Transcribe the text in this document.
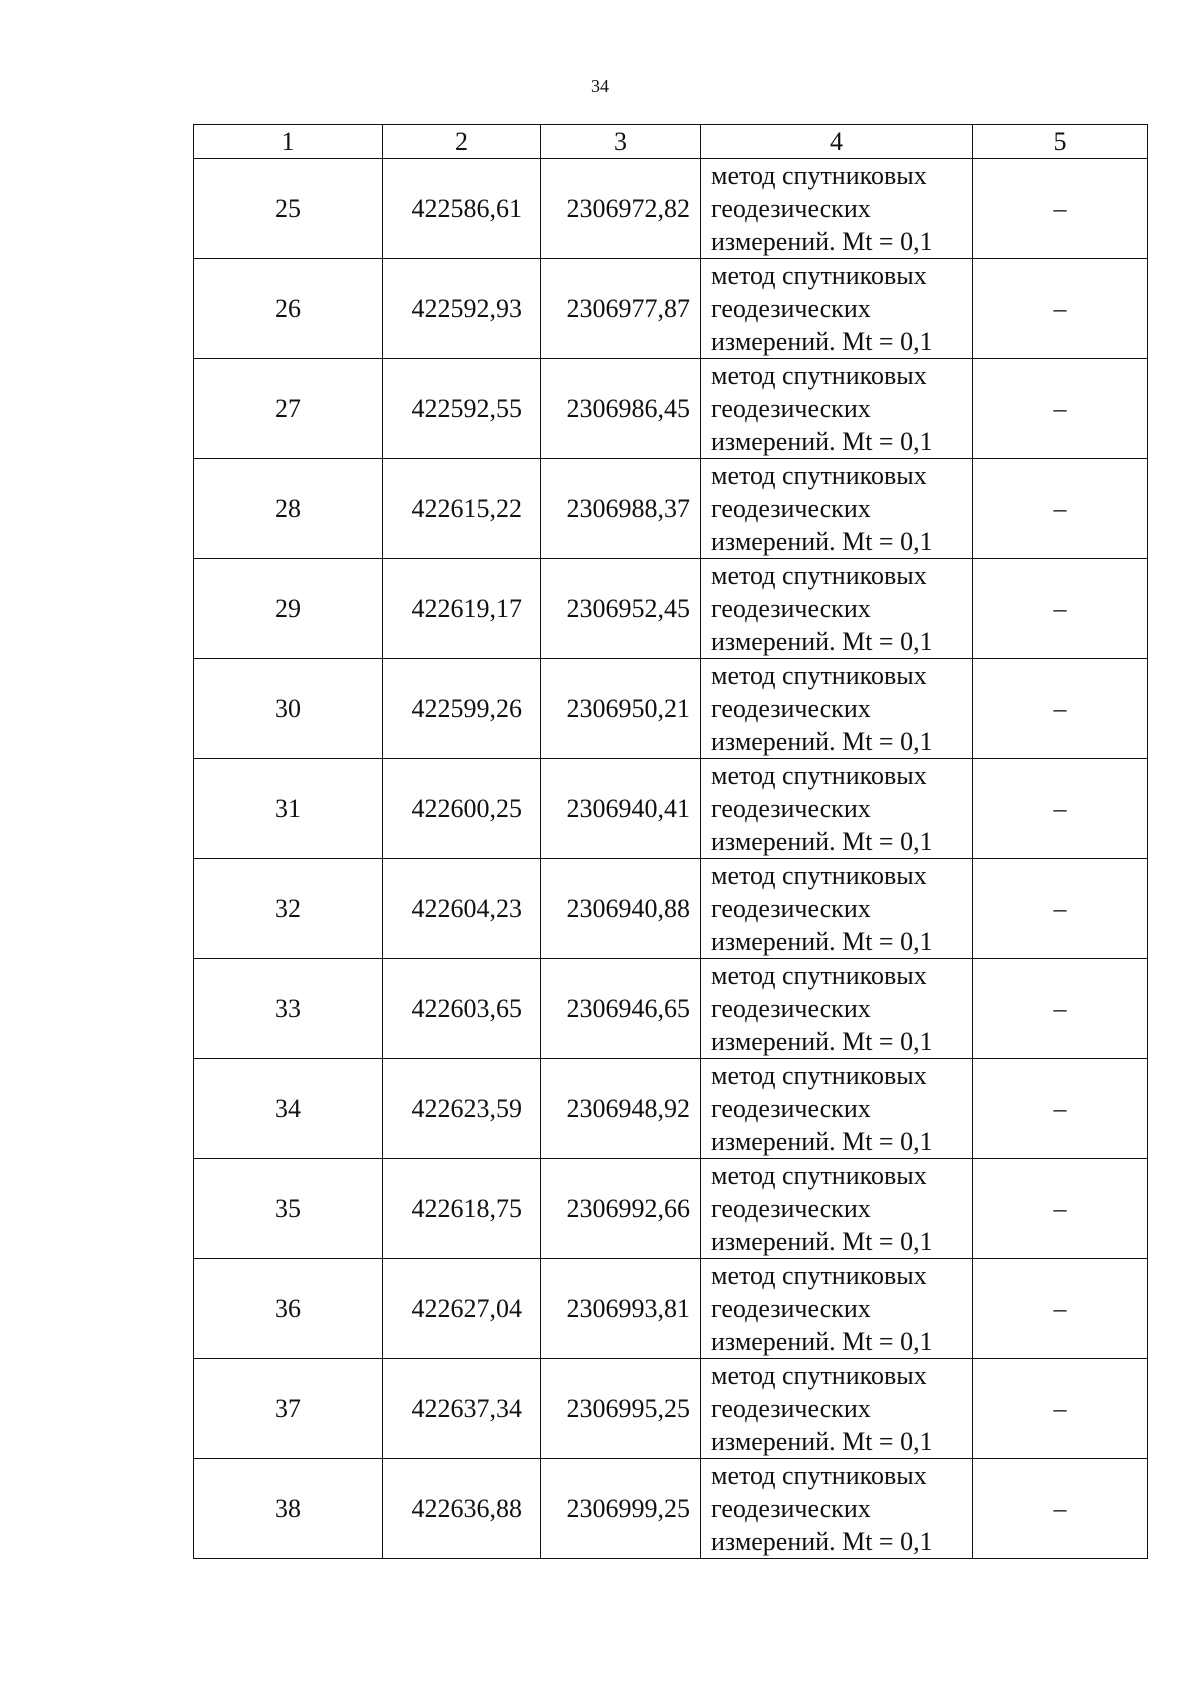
34
1	2	3	4	5
25	422586,61	2306972,82	метод спутниковых
геодезических
измерений. Mt = 0,1	–
26	422592,93	2306977,87	метод спутниковых
геодезических
измерений. Mt = 0,1	–
27	422592,55	2306986,45	метод спутниковых
геодезических
измерений. Mt = 0,1	–
28	422615,22	2306988,37	метод спутниковых
геодезических
измерений. Mt = 0,1	–
29	422619,17	2306952,45	метод спутниковых
геодезических
измерений. Mt = 0,1	–
30	422599,26	2306950,21	метод спутниковых
геодезических
измерений. Mt = 0,1	–
31	422600,25	2306940,41	метод спутниковых
геодезических
измерений. Mt = 0,1	–
32	422604,23	2306940,88	метод спутниковых
геодезических
измерений. Mt = 0,1	–
33	422603,65	2306946,65	метод спутниковых
геодезических
измерений. Mt = 0,1	–
34	422623,59	2306948,92	метод спутниковых
геодезических
измерений. Mt = 0,1	–
35	422618,75	2306992,66	метод спутниковых
геодезических
измерений. Mt = 0,1	–
36	422627,04	2306993,81	метод спутниковых
геодезических
измерений. Mt = 0,1	–
37	422637,34	2306995,25	метод спутниковых
геодезических
измерений. Mt = 0,1	–
38	422636,88	2306999,25	метод спутниковых
геодезических
измерений. Mt = 0,1	–
